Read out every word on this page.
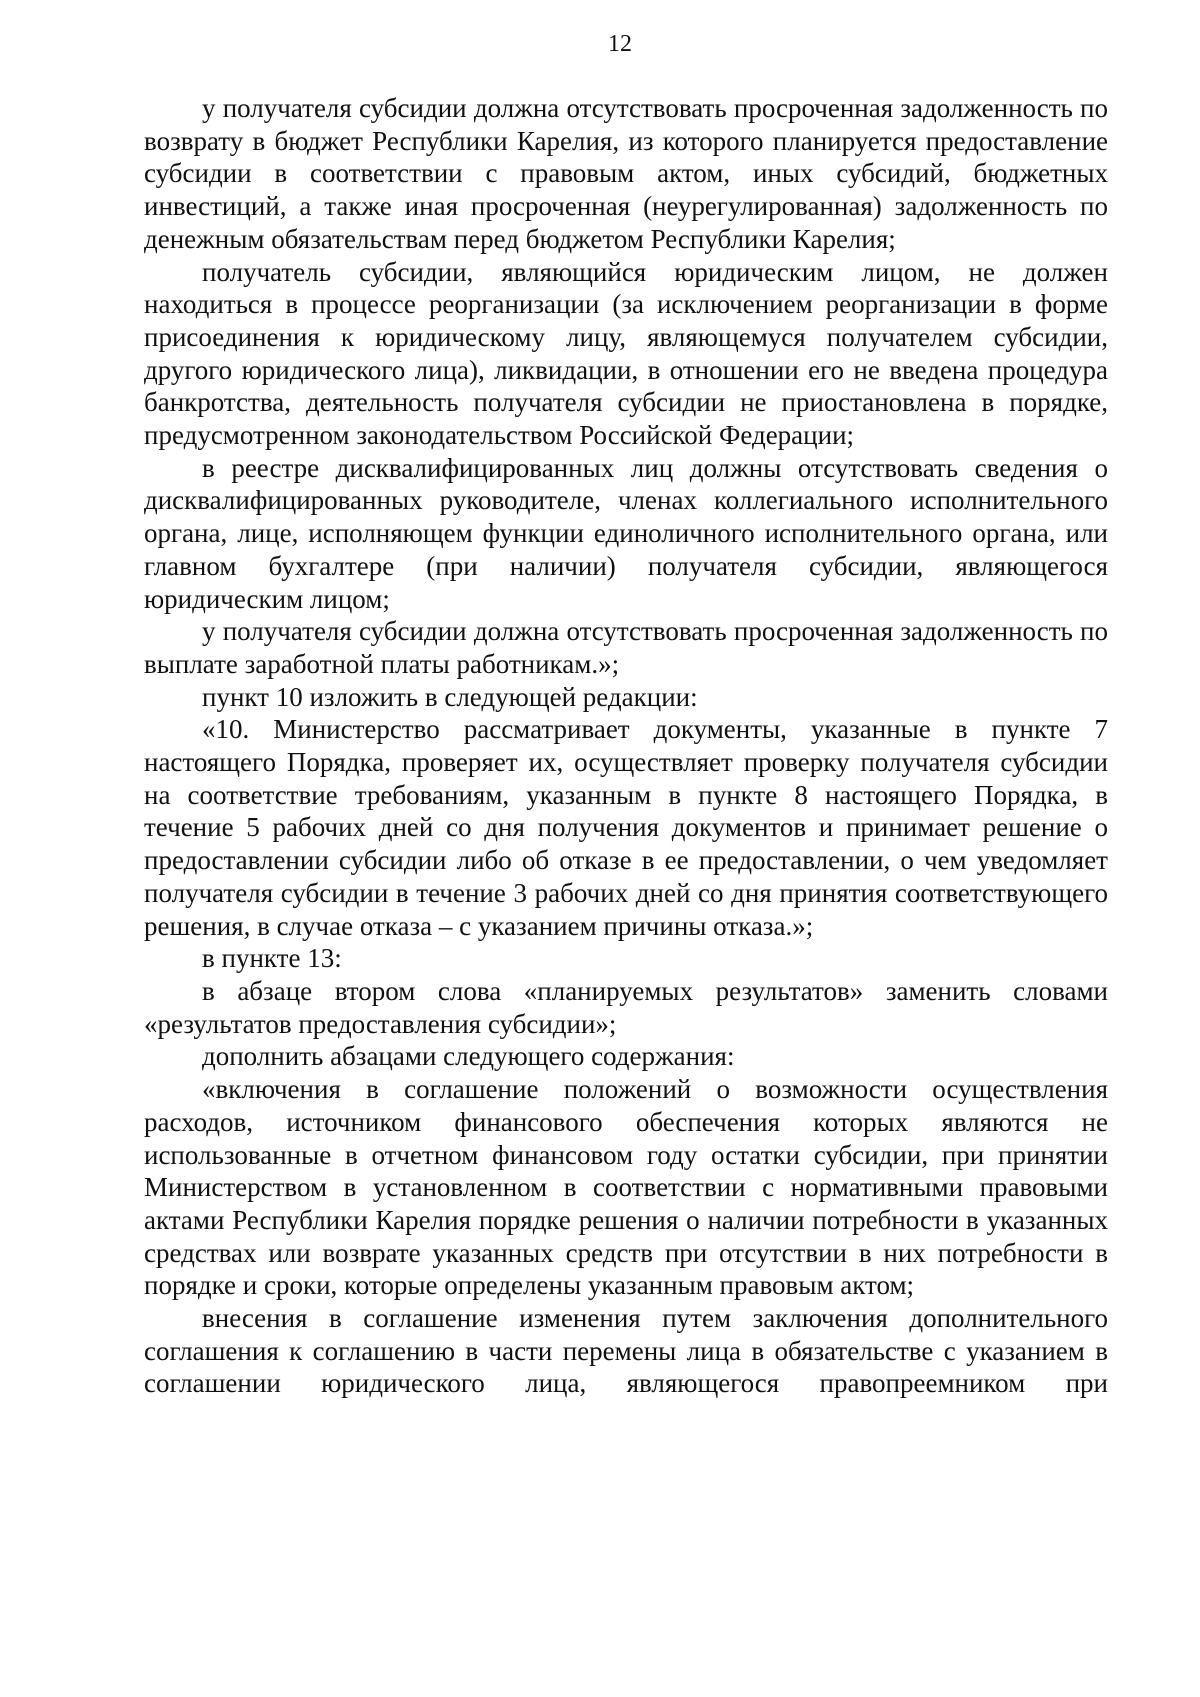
12

у получателя субсидии должна отсутствовать просроченная задолженность по возврату в бюджет Республики Карелия, из которого планируется предоставление субсидии в соответствии с правовым актом, иных субсидий, бюджетных инвестиций, а также иная просроченная (неурегулированная) задолженность по денежным обязательствам перед бюджетом Республики Карелия;

получатель субсидии, являющийся юридическим лицом, не должен находиться в процессе реорганизации (за исключением реорганизации в форме присоединения к юридическому лицу, являющемуся получателем субсидии, другого юридического лица), ликвидации, в отношении его не введена процедура банкротства, деятельность получателя субсидии не приостановлена в порядке, предусмотренном законодательством Российской Федерации;

в реестре дисквалифицированных лиц должны отсутствовать сведения о дисквалифицированных руководителе, членах коллегиального исполнительного органа, лице, исполняющем функции единоличного исполнительного органа, или главном бухгалтере (при наличии) получателя субсидии, являющегося юридическим лицом;

у получателя субсидии должна отсутствовать просроченная задолженность по выплате заработной платы работникам.»;

пункт 10 изложить в следующей редакции:

«10. Министерство рассматривает документы, указанные в пункте 7 настоящего Порядка, проверяет их, осуществляет проверку получателя субсидии на соответствие требованиям, указанным в пункте 8 настоящего Порядка, в течение 5 рабочих дней со дня получения документов и принимает решение о предоставлении субсидии либо об отказе в ее предоставлении, о чем уведомляет получателя субсидии в течение 3 рабочих дней со дня принятия соответствующего решения, в случае отказа – с указанием причины отказа.»;

в пункте 13:

в абзаце втором слова «планируемых результатов» заменить словами «результатов предоставления субсидии»;

дополнить абзацами следующего содержания:

«включения в соглашение положений о возможности осуществления расходов, источником финансового обеспечения которых являются не использованные в отчетном финансовом году остатки субсидии, при принятии Министерством в установленном в соответствии с нормативными правовыми актами Республики Карелия порядке решения о наличии потребности в указанных средствах или возврате указанных средств при отсутствии в них потребности в порядке и сроки, которые определены указанным правовым актом;

внесения в соглашение изменения путем заключения дополнительного соглашения к соглашению в части перемены лица в обязательстве с указанием в соглашении юридического лица, являющегося правопреемником при
